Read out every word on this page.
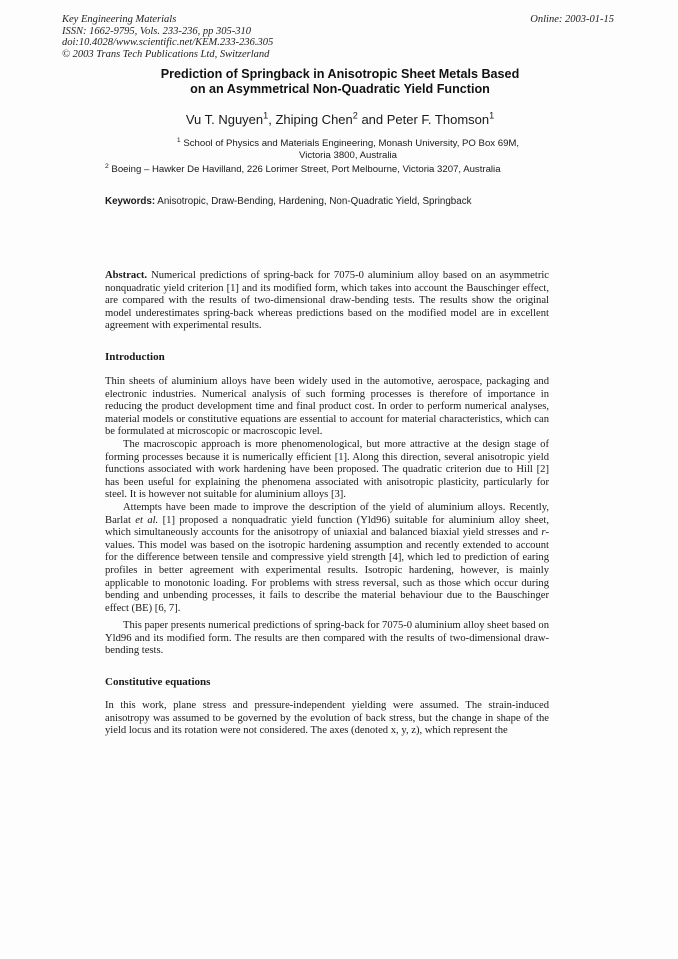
Key Engineering Materials
ISSN: 1662-9795, Vols. 233-236, pp 305-310
doi:10.4028/www.scientific.net/KEM.233-236.305
© 2003 Trans Tech Publications Ltd, Switzerland
Online: 2003-01-15
Prediction of Springback in Anisotropic Sheet Metals Based
on an Asymmetrical Non-Quadratic Yield Function
Vu T. Nguyen$^1$, Zhiping Chen$^2$ and Peter F. Thomson$^1$
$^1$ School of Physics and Materials Engineering, Monash University, PO Box 69M,
Victoria 3800, Australia
$^2$ Boeing – Hawker De Havilland, 226 Lorimer Street, Port Melbourne, Victoria 3207, Australia
Keywords: Anisotropic, Draw-Bending, Hardening, Non-Quadratic Yield, Springback
Abstract. Numerical predictions of spring-back for 7075-0 aluminium alloy based on an asymmetric nonquadratic yield criterion [1] and its modified form, which takes into account the Bauschinger effect, are compared with the results of two-dimensional draw-bending tests. The results show the original model underestimates spring-back whereas predictions based on the modified model are in excellent agreement with experimental results.
Introduction
Thin sheets of aluminium alloys have been widely used in the automotive, aerospace, packaging and electronic industries. Numerical analysis of such forming processes is therefore of importance in reducing the product development time and final product cost. In order to perform numerical analyses, material models or constitutive equations are essential to account for material characteristics, which can be formulated at microscopic or macroscopic level.
The macroscopic approach is more phenomenological, but more attractive at the design stage of forming processes because it is numerically efficient [1]. Along this direction, several anisotropic yield functions associated with work hardening have been proposed. The quadratic criterion due to Hill [2] has been useful for explaining the phenomena associated with anisotropic plasticity, particularly for steel. It is however not suitable for aluminium alloys [3].
Attempts have been made to improve the description of the yield of aluminium alloys. Recently, Barlat et al. [1] proposed a nonquadratic yield function (Yld96) suitable for aluminium alloy sheet, which simultaneously accounts for the anisotropy of uniaxial and balanced biaxial yield stresses and r-values. This model was based on the isotropic hardening assumption and recently extended to account for the difference between tensile and compressive yield strength [4], which led to prediction of earing profiles in better agreement with experimental results. Isotropic hardening, however, is mainly applicable to monotonic loading. For problems with stress reversal, such as those which occur during bending and unbending processes, it fails to describe the material behaviour due to the Bauschinger effect (BE) [6, 7].
This paper presents numerical predictions of spring-back for 7075-0 aluminium alloy sheet based on Yld96 and its modified form. The results are then compared with the results of two-dimensional draw-bending tests.
Constitutive equations
In this work, plane stress and pressure-independent yielding were assumed. The strain-induced anisotropy was assumed to be governed by the evolution of back stress, but the change in shape of the yield locus and its rotation were not considered. The axes (denoted x, y, z), which represent the
